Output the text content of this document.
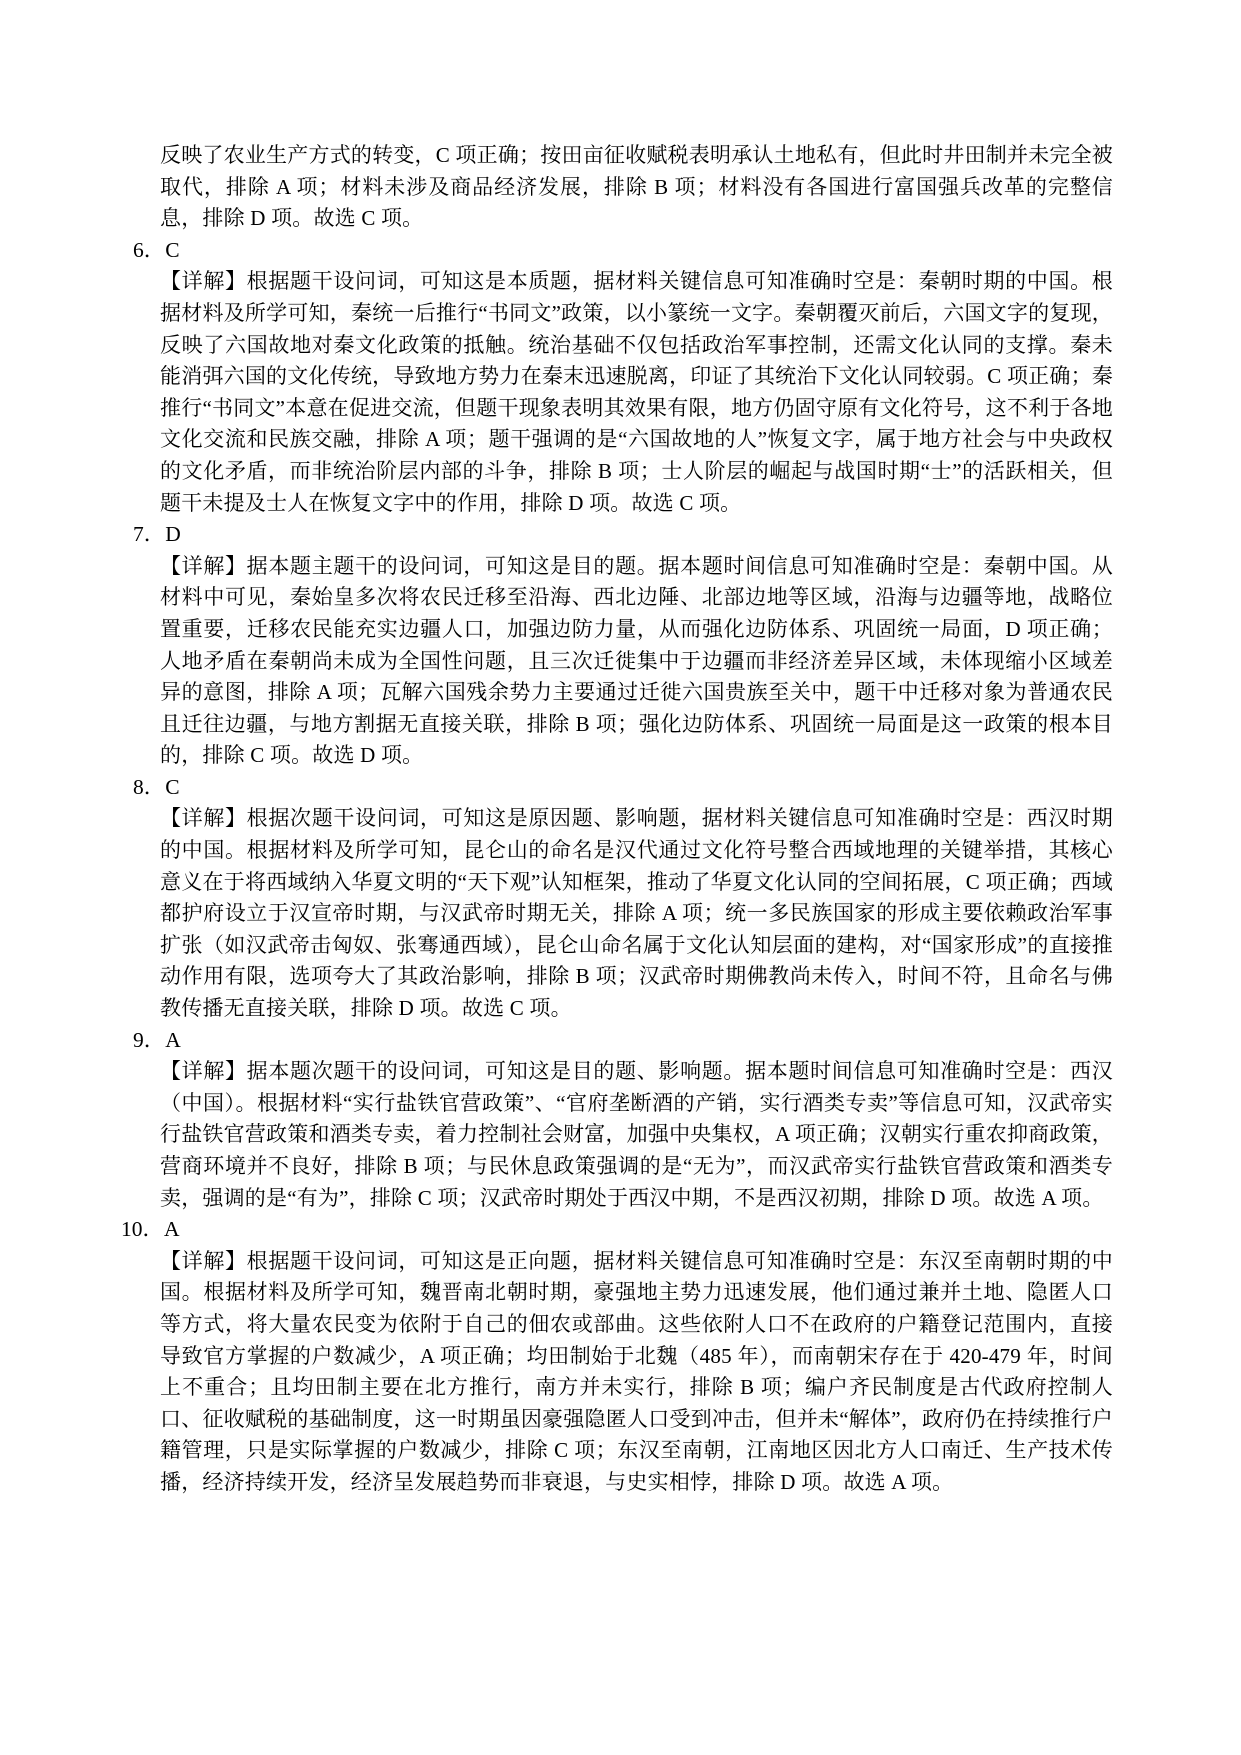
反映了农业生产方式的转变，C 项正确；按田亩征收赋税表明承认土地私有，但此时井田制并未完全被取代，排除 A 项；材料未涉及商品经济发展，排除 B 项；材料没有各国进行富国强兵改革的完整信息，排除 D 项。故选 C 项。

6．C

【详解】根据题干设问词，可知这是本质题，据材料关键信息可知准确时空是：秦朝时期的中国。根据材料及所学可知，秦统一后推行“书同文”政策，以小篆统一文字。秦朝覆灭前后，六国文字的复现，反映了六国故地对秦文化政策的抵触。统治基础不仅包括政治军事控制，还需文化认同的支撑。秦未能消弭六国的文化传统，导致地方势力在秦末迅速脱离，印证了其统治下文化认同较弱。C 项正确；秦推行“书同文”本意在促进交流，但题干现象表明其效果有限，地方仍固守原有文化符号，这不利于各地文化交流和民族交融，排除 A 项；题干强调的是“六国故地的人”恢复文字，属于地方社会与中央政权的文化矛盾，而非统治阶层内部的斗争，排除 B 项；士人阶层的崛起与战国时期“士”的活跃相关，但题干未提及士人在恢复文字中的作用，排除 D 项。故选 C 项。

7．D

【详解】据本题主题干的设问词，可知这是目的题。据本题时间信息可知准确时空是：秦朝中国。从材料中可见，秦始皇多次将农民迁移至沿海、西北边陲、北部边地等区域，沿海与边疆等地，战略位置重要，迁移农民能充实边疆人口，加强边防力量，从而强化边防体系、巩固统一局面，D 项正确；人地矛盾在秦朝尚未成为全国性问题，且三次迁徙集中于边疆而非经济差异区域，未体现缩小区域差异的意图，排除 A 项；瓦解六国残余势力主要通过迁徙六国贵族至关中，题干中迁移对象为普通农民且迁往边疆，与地方割据无直接关联，排除 B 项；强化边防体系、巩固统一局面是这一政策的根本目的，排除 C 项。故选 D 项。

8．C

【详解】根据次题干设问词，可知这是原因题、影响题，据材料关键信息可知准确时空是：西汉时期的中国。根据材料及所学可知，昆仑山的命名是汉代通过文化符号整合西域地理的关键举措，其核心意义在于将西域纳入华夏文明的“天下观”认知框架，推动了华夏文化认同的空间拓展，C 项正确；西域都护府设立于汉宣帝时期，与汉武帝时期无关，排除 A 项；统一多民族国家的形成主要依赖政治军事扩张（如汉武帝击匈奴、张骞通西域），昆仑山命名属于文化认知层面的建构，对“国家形成”的直接推动作用有限，选项夸大了其政治影响，排除 B 项；汉武帝时期佛教尚未传入，时间不符，且命名与佛教传播无直接关联，排除 D 项。故选 C 项。

9．A

【详解】据本题次题干的设问词，可知这是目的题、影响题。据本题时间信息可知准确时空是：西汉（中国）。根据材料“实行盐铁官营政策”、“官府垄断酒的产销，实行酒类专卖”等信息可知，汉武帝实行盐铁官营政策和酒类专卖，着力控制社会财富，加强中央集权，A 项正确；汉朝实行重农抑商政策，营商环境并不良好，排除 B 项；与民休息政策强调的是“无为”，而汉武帝实行盐铁官营政策和酒类专卖，强调的是“有为”，排除 C 项；汉武帝时期处于西汉中期，不是西汉初期，排除 D 项。故选 A 项。

10．A

【详解】根据题干设问词，可知这是正向题，据材料关键信息可知准确时空是：东汉至南朝时期的中国。根据材料及所学可知，魏晋南北朝时期，豪强地主势力迅速发展，他们通过兼并土地、隐匿人口等方式，将大量农民变为依附于自己的佃农或部曲。这些依附人口不在政府的户籍登记范围内，直接导致官方掌握的户数减少，A 项正确；均田制始于北魏（485 年），而南朝宋存在于 420-479 年，时间上不重合；且均田制主要在北方推行，南方并未实行，排除 B 项；编户齐民制度是古代政府控制人口、征收赋税的基础制度，这一时期虽因豪强隐匿人口受到冲击，但并未“解体”，政府仍在持续推行户籍管理，只是实际掌握的户数减少，排除 C 项；东汉至南朝，江南地区因北方人口南迁、生产技术传播，经济持续开发，经济呈发展趋势而非衰退，与史实相悖，排除 D 项。故选 A 项。
